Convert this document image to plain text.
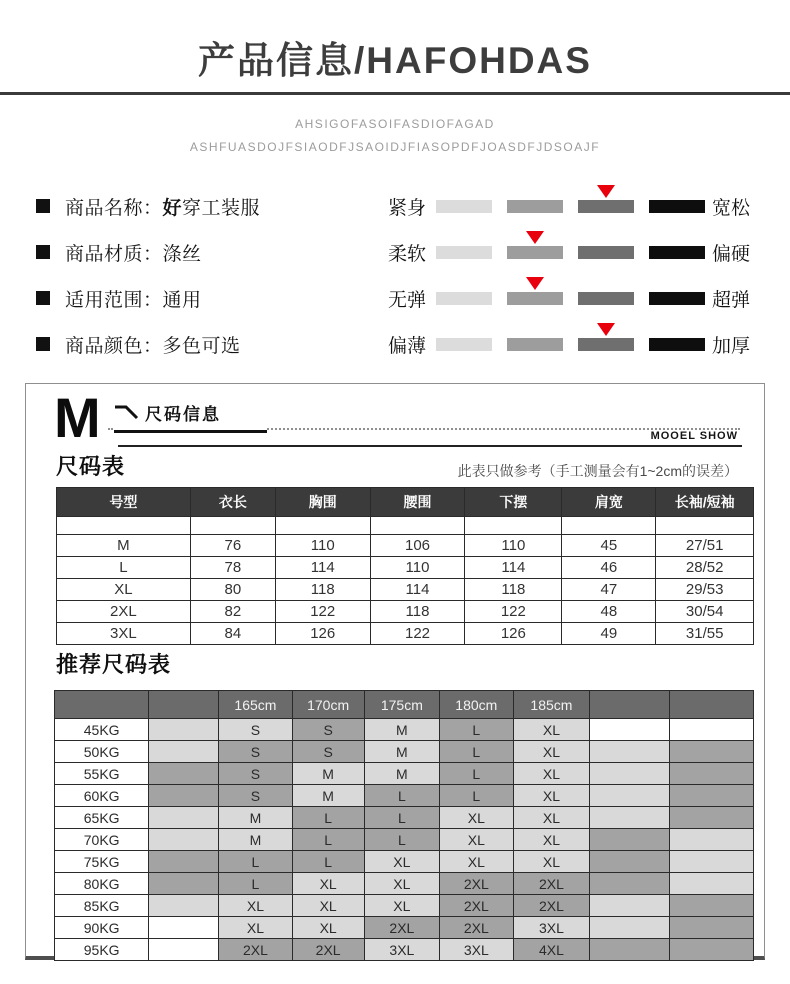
产品信息/HAFOHDAS
AHSIGOFASOIFASDIOFAGAD
ASHFUASDOJFSIAODFJSAOIDJFIASOPDFJOASDFJDSOAJF
商品名称：好穿工装服
商品材质：涤丝
适用范围：通用
商品颜色：多色可选
紧身	宽松
柔软	偏硬
无弹	超弹
偏薄	加厚
M	尺码信息
MOOEL SHOW
尺码表	此表只做参考（手工测量会有1~2cm的误差）
号型	衣长	胸围	腰围	下摆	肩宽	长袖/短袖

M	76	110	106	110	45	27/51
L	78	114	110	114	46	28/52
XL	80	118	114	118	47	29/53
2XL	82	122	118	122	48	30/54
3XL	84	126	122	126	49	31/55
推荐尺码表
		165cm	170cm	175cm	180cm	185cm		
45KG		S	S	M	L	XL		
50KG		S	S	M	L	XL		
55KG		S	M	M	L	XL		
60KG		S	M	L	L	XL		
65KG		M	L	L	XL	XL		
70KG		M	L	L	XL	XL		
75KG		L	L	XL	XL	XL		
80KG		L	XL	XL	2XL	2XL		
85KG		XL	XL	XL	2XL	2XL		
90KG		XL	XL	2XL	2XL	3XL		
95KG		2XL	2XL	3XL	3XL	4XL		
